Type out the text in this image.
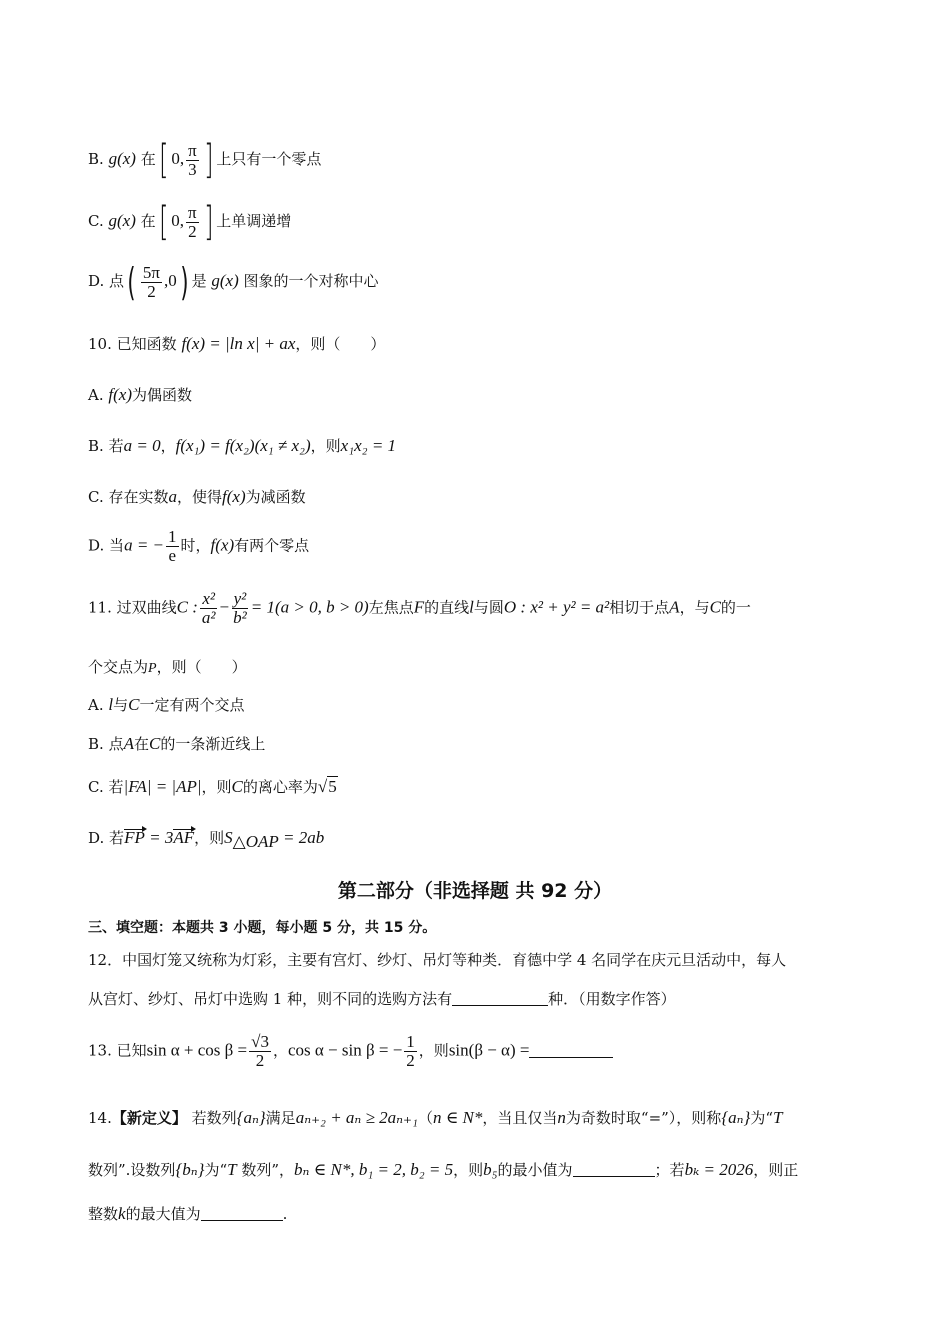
B. g(x) 在[ 0, $\frac{\pi}{3}$ ] 上只有一个零点
C. g(x) 在[ 0, $\frac{\pi}{2}$ ] 上单调递增
D. 点( $\frac{5\pi}{2} ,0$) 是 g(x) 图象的一个对称中心
10. 已知函数 f(x) = |ln x| + ax，则（　　）
A. f(x)为偶函数
B. 若a = 0，f(x₁) = f(x₂)(x₁ ≠ x₂)，则x₁x₂ = 1
C. 存在实数a，使得f(x)为减函数
D. 当a = − $\frac{1}{e}$ 时，f(x)有两个零点
11. 过双曲线C : $\frac{\text{x²}}{\text{a²}} - \frac{\text{y²}}{\text{b²}} = 1(a > 0$, b > 0)左焦点F的直线l与圆O : x² + y² = a²相切于点A，与C的一
个交点为P，则（　　）
A. l与C一定有两个交点
B. 点A在C的一条渐近线上
C. 若|FA| = |AP|，则C的离心率为√5
D. 若FP = 3AF，则$S_{\triangle OAP} = 2ab$
第二部分（非选择题 共 92 分）
三、填空题：本题共 3 小题，每小题 5 分，共 15 分。
12．中国灯笼又统称为灯彩，主要有宫灯、纱灯、吊灯等种类．育德中学 4 名同学在庆元旦活动中，每人
从宫灯、纱灯、吊灯中选购 1 种，则不同的选购方法有	种．（用数字作答）
13. 已知$\sin \alpha + \cos \beta = \frac{√3}{2}$ ，cos α − sin β = − $\frac{1}{2}$ ，则sin(β − α) =
14.【新定义】 若数列{aₙ}满足aₙ₊₂ + aₙ ≥ 2aₙ₊₁（n ∈ N*，当且仅当n为奇数时取“=”），则称{aₙ}为“T
数列”.设数列{bₙ}为“T 数列”，bₙ ∈ N*, b₁ = 2, b₂ = 5，则b₅的最小值为	；若bₖ = 2026，则正
整数k的最大值为	.
